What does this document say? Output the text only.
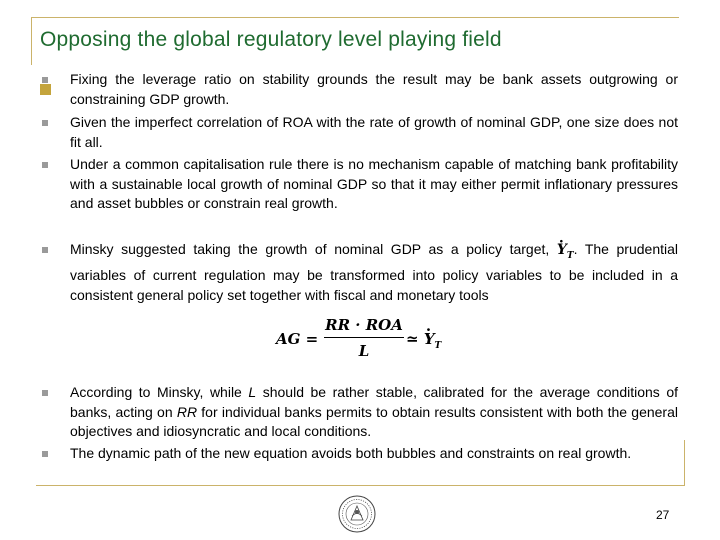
Opposing the global regulatory level playing field
Fixing the leverage ratio on stability grounds the result may be bank assets outgrowing or constraining GDP growth.
Given the imperfect correlation of ROA with the rate of growth of nominal GDP, one size does not fit all.
Under a common capitalisation rule there is no mechanism capable of matching bank profitability with a sustainable local growth of nominal GDP so that it may either permit inflationary pressures and asset bubbles or constrain real growth.
Minsky suggested taking the growth of nominal GDP as a policy target, · $Y_T$. The prudential variables of current regulation may be transformed into policy variables to be included in a consistent general policy set together with fiscal and monetary tools
AG =
RR · ROA
L
≃ · $Y_T$
According to Minsky, while L should be rather stable, calibrated for the average conditions of banks, acting on RR for individual banks permits to obtain results consistent with both the general objectives and idiosyncratic and local conditions.
The dynamic path of the new equation avoids both bubbles and constraints on real growth.
27
